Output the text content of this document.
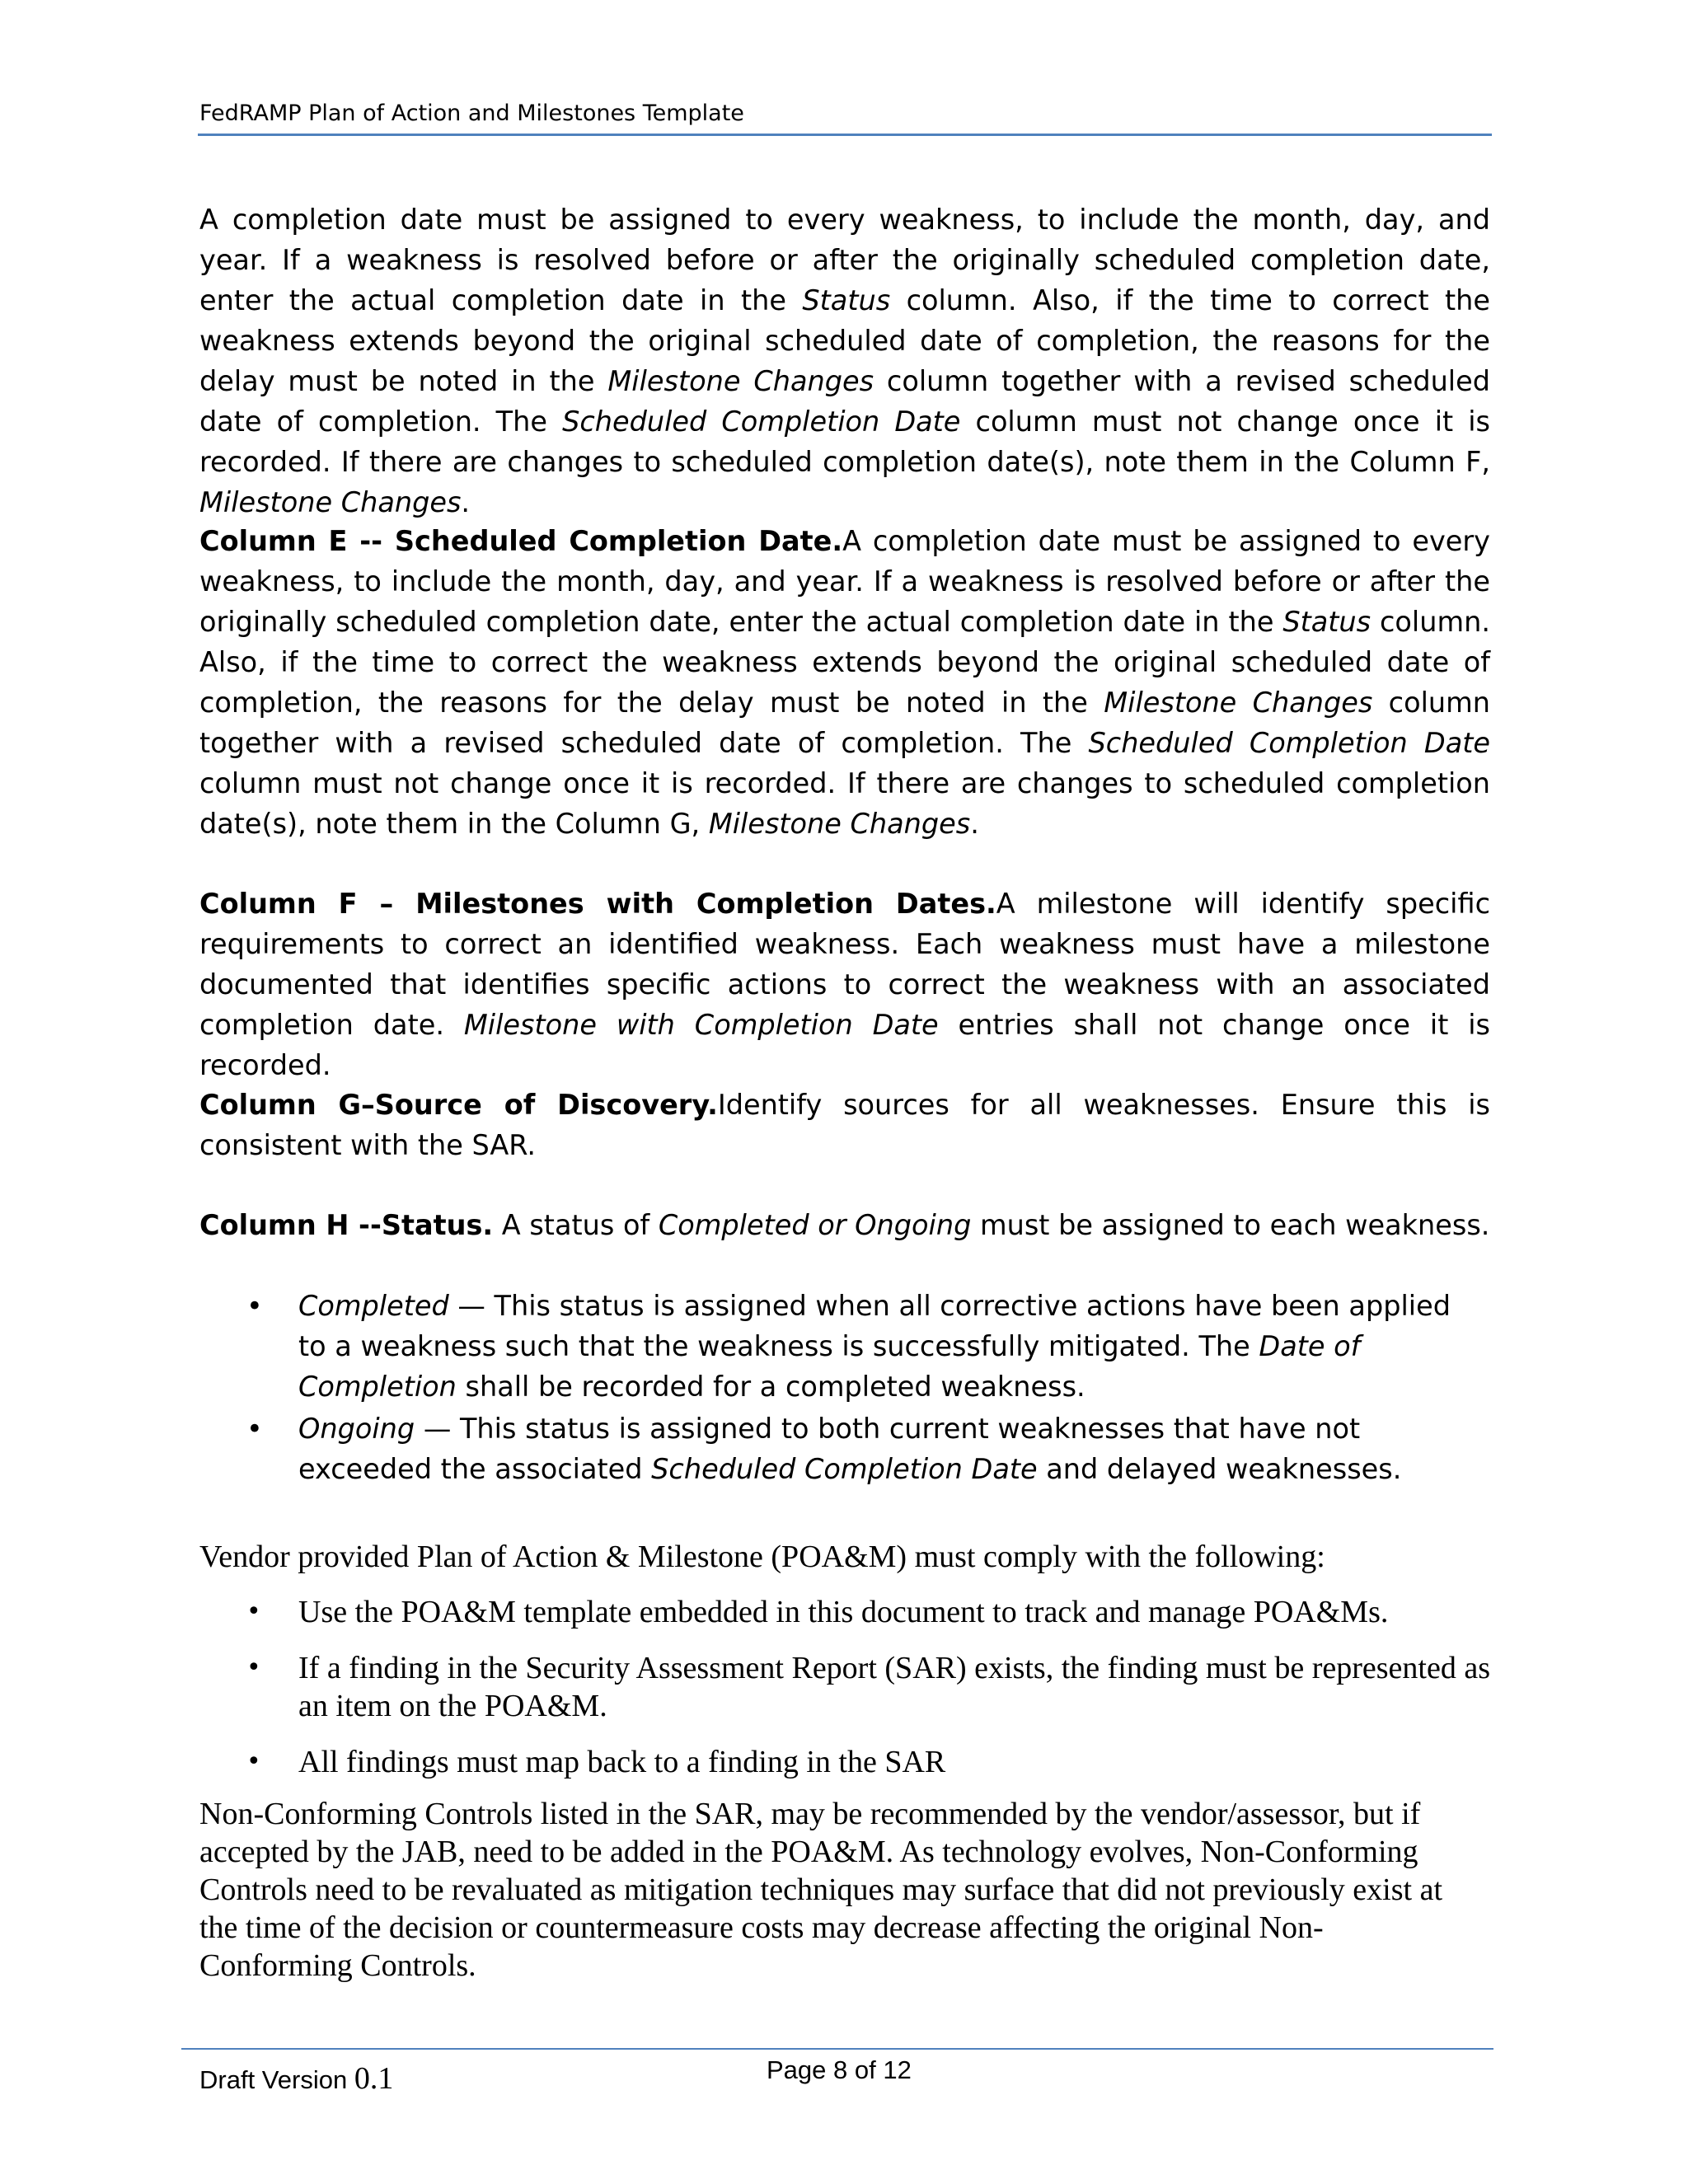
FedRAMP Plan of Action and Milestones Template

A completion date must be assigned to every weakness, to include the month, day, and year. If a weakness is resolved before or after the originally scheduled completion date, enter the actual completion date in the Status column. Also, if the time to correct the weakness extends beyond the original scheduled date of completion, the reasons for the delay must be noted in the Milestone Changes column together with a revised scheduled date of completion. The Scheduled Completion Date column must not change once it is recorded. If there are changes to scheduled completion date(s), note them in the Column F, Milestone Changes.

Column E -- Scheduled Completion Date.A completion date must be assigned to every weakness, to include the month, day, and year. If a weakness is resolved before or after the originally scheduled completion date, enter the actual completion date in the Status column. Also, if the time to correct the weakness extends beyond the original scheduled date of completion, the reasons for the delay must be noted in the Milestone Changes column together with a revised scheduled date of completion. The Scheduled Completion Date column must not change once it is recorded. If there are changes to scheduled completion date(s), note them in the Column G, Milestone Changes.

Column F – Milestones with Completion Dates.A milestone will identify specific requirements to correct an identified weakness. Each weakness must have a milestone documented that identifies specific actions to correct the weakness with an associated completion date. Milestone with Completion Date entries shall not change once it is recorded.

Column G–Source of Discovery.Identify sources for all weaknesses. Ensure this is consistent with the SAR.

Column H --Status. A status of Completed or Ongoing must be assigned to each weakness.

• Completed — This status is assigned when all corrective actions have been applied to a weakness such that the weakness is successfully mitigated. The Date of Completion shall be recorded for a completed weakness.
• Ongoing — This status is assigned to both current weaknesses that have not exceeded the associated Scheduled Completion Date and delayed weaknesses.

Vendor provided Plan of Action & Milestone (POA&M) must comply with the following:

• Use the POA&M template embedded in this document to track and manage POA&Ms.
• If a finding in the Security Assessment Report (SAR) exists, the finding must be represented as an item on the POA&M.
• All findings must map back to a finding in the SAR

Non-Conforming Controls listed in the SAR, may be recommended by the vendor/assessor, but if accepted by the JAB, need to be added in the POA&M. As technology evolves, Non-Conforming Controls need to be revaluated as mitigation techniques may surface that did not previously exist at the time of the decision or countermeasure costs may decrease affecting the original Non-Conforming Controls.

Draft Version 0.1	Page 8 of 12
